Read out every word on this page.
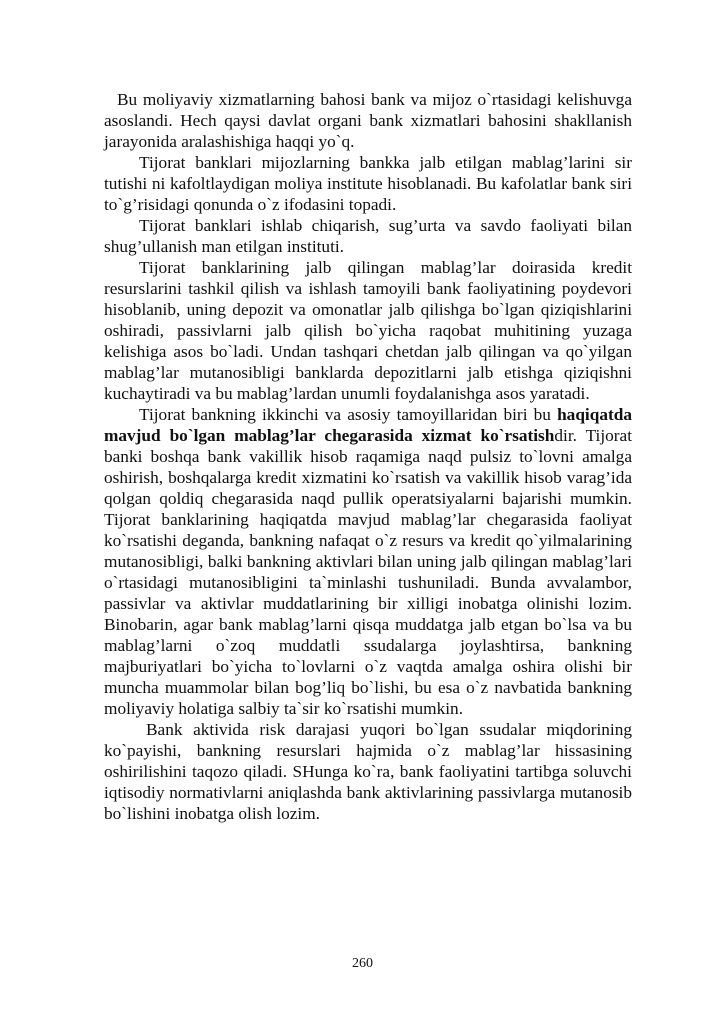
Bu moliyaviy xizmatlarning bahosi bank va mijoz o`rtasidagi kelishuvga asoslandi. Hech qaysi davlat organi bank xizmatlari bahosini shakllanish jarayonida aralashishiga haqqi yo`q.

Tijorat banklari mijozlarning bankka jalb etilgan mablag’larini sir tutishi ni kafoltlaydigan moliya institute hisoblanadi. Bu kafolatlar bank siri to`g’risidagi qonunda o`z ifodasini topadi.

Tijorat banklari ishlab chiqarish, sug’urta va savdo faoliyati bilan shug’ullanish man etilgan instituti.

Tijorat banklarining jalb qilingan mablag’lar doirasida kredit resurslarini tashkil qilish va ishlash tamoyili bank faoliyatining poydevori hisoblanib, uning depozit va omonatlar jalb qilishga bo`lgan qiziqishlarini oshiradi, passivlarni jalb qilish bo`yicha raqobat muhitining yuzaga kelishiga asos bo`ladi. Undan tashqari chetdan jalb qilingan va qo`yilgan mablag’lar mutanosibligi banklarda depozitlarni jalb etishga qiziqishni kuchaytiradi va bu mablag’lardan unumli foydalanishga asos yaratadi.

Tijorat bankning ikkinchi va asosiy tamoyillaridan biri bu haqiqatda mavjud bo`lgan mablag’lar chegarasida xizmat ko`rsatishdir. Tijorat banki boshqa bank vakillik hisob raqamiga naqd pulsiz to`lovni amalga oshirish, boshqalarga kredit xizmatini ko`rsatish va vakillik hisob varag’ida qolgan qoldiq chegarasida naqd pullik operatsiyalarni bajarishi mumkin. Tijorat banklarining haqiqatda mavjud mablag’lar chegarasida faoliyat ko`rsatishi deganda, bankning nafaqat o`z resurs va kredit qo`yilmalarining mutanosibligi, balki bankning aktivlari bilan uning jalb qilingan mablag’lari o`rtasidagi mutanosibligini ta`minlashi tushuniladi. Bunda avvalambor, passivlar va aktivlar muddatlarining bir xilligi inobatga olinishi lozim. Binobarin, agar bank mablag’larni qisqa muddatga jalb etgan bo`lsa va bu mablag’larni o`zoq muddatli ssudalarga joylashtirsa, bankning majburiyatlari bo`yicha to`lovlarni o`z vaqtda amalga oshira olishi bir muncha muammolar bilan bog’liq bo`lishi, bu esa o`z navbatida bankning moliyaviy holatiga salbiy ta`sir ko`rsatishi mumkin.

Bank aktivida risk darajasi yuqori bo`lgan ssudalar miqdorining ko`payishi, bankning resurslari hajmida o`z mablag’lar hissasining oshirilishini taqozo qiladi. SHunga ko`ra, bank faoliyatini tartibga soluvchi iqtisodiy normativlarni aniqlashda bank aktivlarining passivlarga mutanosib bo`lishini inobatga olish lozim.

260
